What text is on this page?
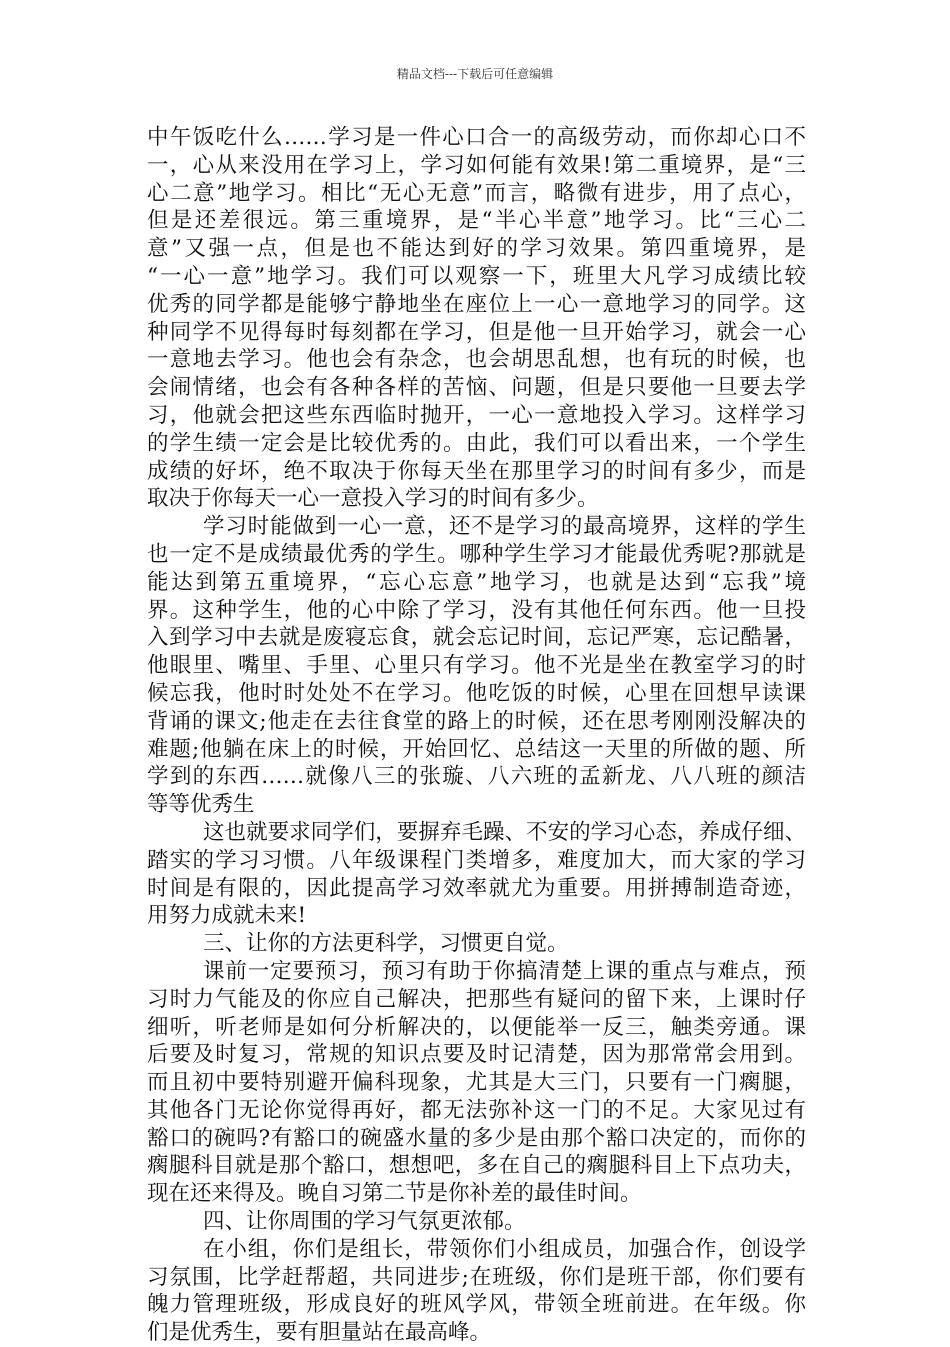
精品文档---下载后可任意编辑
中午饭吃什么……学习是一件心口合一的高级劳动，而你却心口不
一，心从来没用在学习上，学习如何能有效果!第二重境界，是“三
心二意”地学习。相比“无心无意”而言，略微有进步，用了点心，
但是还差很远。第三重境界，是“半心半意”地学习。比“三心二
意”又强一点，但是也不能达到好的学习效果。第四重境界，是
“一心一意”地学习。我们可以观察一下，班里大凡学习成绩比较
优秀的同学都是能够宁静地坐在座位上一心一意地学习的同学。这
种同学不见得每时每刻都在学习，但是他一旦开始学习，就会一心
一意地去学习。他也会有杂念，也会胡思乱想，也有玩的时候，也
会闹情绪，也会有各种各样的苦恼、问题，但是只要他一旦要去学
习，他就会把这些东西临时抛开，一心一意地投入学习。这样学习
的学生绩一定会是比较优秀的。由此，我们可以看出来，一个学生
成绩的好坏，绝不取决于你每天坐在那里学习的时间有多少，而是
取决于你每天一心一意投入学习的时间有多少。
学习时能做到一心一意，还不是学习的最高境界，这样的学生
也一定不是成绩最优秀的学生。哪种学生学习才能最优秀呢?那就是
能达到第五重境界，“忘心忘意”地学习，也就是达到“忘我”境
界。这种学生，他的心中除了学习，没有其他任何东西。他一旦投
入到学习中去就是废寝忘食，就会忘记时间，忘记严寒，忘记酷暑，
他眼里、嘴里、手里、心里只有学习。他不光是坐在教室学习的时
候忘我，他时时处处不在学习。他吃饭的时候，心里在回想早读课
背诵的课文;他走在去往食堂的路上的时候，还在思考刚刚没解决的
难题;他躺在床上的时候，开始回忆、总结这一天里的所做的题、所
学到的东西……就像八三的张璇、八六班的孟新龙、八八班的颜洁
等等优秀生
这也就要求同学们，要摒弃毛躁、不安的学习心态，养成仔细、
踏实的学习习惯。八年级课程门类增多，难度加大，而大家的学习
时间是有限的，因此提高学习效率就尤为重要。用拼搏制造奇迹，
用努力成就未来!
三、让你的方法更科学，习惯更自觉。
课前一定要预习，预习有助于你搞清楚上课的重点与难点，预
习时力气能及的你应自己解决，把那些有疑问的留下来，上课时仔
细听，听老师是如何分析解决的，以便能举一反三，触类旁通。课
后要及时复习，常规的知识点要及时记清楚，因为那常常会用到。
而且初中要特别避开偏科现象，尤其是大三门，只要有一门瘸腿，
其他各门无论你觉得再好，都无法弥补这一门的不足。大家见过有
豁口的碗吗?有豁口的碗盛水量的多少是由那个豁口决定的，而你的
瘸腿科目就是那个豁口，想想吧，多在自己的瘸腿科目上下点功夫，
现在还来得及。晚自习第二节是你补差的最佳时间。
四、让你周围的学习气氛更浓郁。
在小组，你们是组长，带领你们小组成员，加强合作，创设学
习氛围，比学赶帮超，共同进步;在班级，你们是班干部，你们要有
魄力管理班级，形成良好的班风学风，带领全班前进。在年级。你
们是优秀生，要有胆量站在最高峰。
